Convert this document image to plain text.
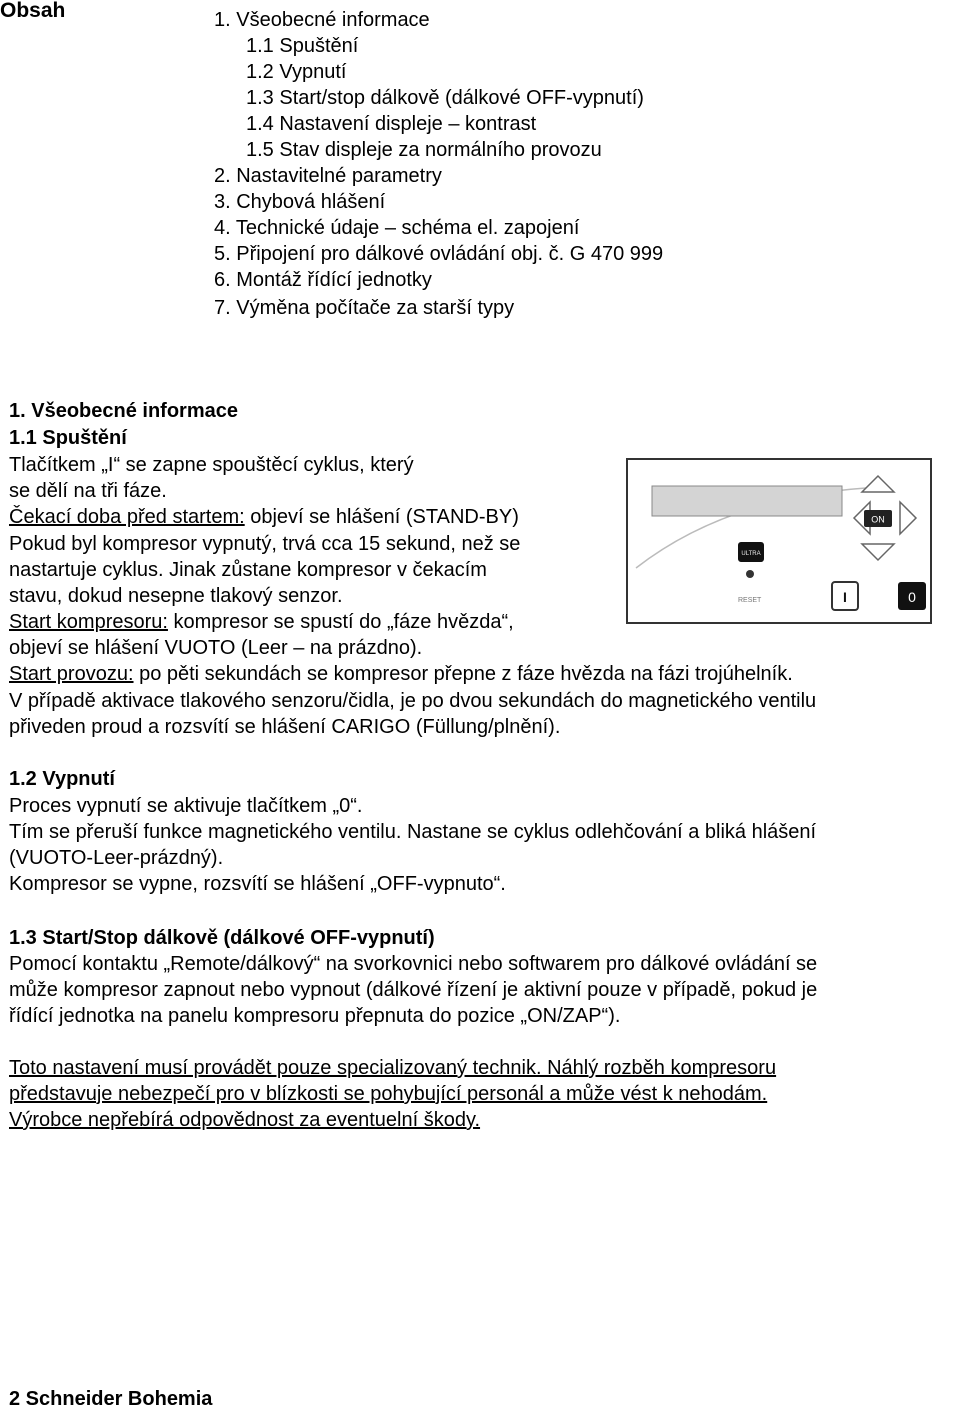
Obsah	1. Všeobecné informace
1.1 Spuštění
1.2 Vypnutí
1.3 Start/stop dálkově (dálkové OFF-vypnutí)
1.4 Nastavení displeje – kontrast
1.5 Stav displeje za normálního provozu
2. Nastavitelné parametry
3. Chybová hlášení
4. Technické údaje – schéma el. zapojení
5. Připojení pro dálkové ovládání obj. č. G 470 999
6. Montáž řídící jednotky
7. Výměna počítače za starší typy
1. Všeobecné informace
1.1 Spuštění
Tlačítkem „I“ se zapne spouštěcí cyklus, který
se dělí na tři fáze.
Čekací doba před startem: objeví se hlášení (STAND-BY)
Pokud byl kompresor vypnutý, trvá cca 15 sekund, než se
nastartuje cyklus. Jinak zůstane kompresor v čekacím
stavu, dokud nesepne tlakový senzor.
Start kompresoru: kompresor se spustí do „fáze hvězda“,
objeví se hlášení VUOTO (Leer – na prázdno).
Start provozu: po pěti sekundách se kompresor přepne z fáze hvězda na fázi trojúhelník.
V případě aktivace tlakového senzoru/čidla, je po dvou sekundách do magnetického ventilu
přiveden proud a rozsvítí se hlášení CARIGO (Füllung/plnění).
ON
ULTRA
RESET	I	0
1.2 Vypnutí
Proces vypnutí se aktivuje tlačítkem „0“.
Tím se přeruší funkce magnetického ventilu. Nastane se cyklus odlehčování a bliká hlášení
(VUOTO-Leer-prázdný).
Kompresor se vypne, rozsvítí se hlášení „OFF-vypnuto“.
1.3 Start/Stop dálkově (dálkové OFF-vypnutí)
Pomocí kontaktu „Remote/dálkový“ na svorkovnici nebo softwarem pro dálkové ovládání se
může kompresor zapnout nebo vypnout (dálkové řízení je aktivní pouze v případě, pokud je
řídící jednotka na panelu kompresoru přepnuta do pozice „ON/ZAP“).
Toto nastavení musí provádět pouze specializovaný technik. Náhlý rozběh kompresoru
představuje nebezpečí pro v blízkosti se pohybující personál a může vést k nehodám.
Výrobce nepřebírá odpovědnost za eventuelní škody.
2 Schneider Bohemia
